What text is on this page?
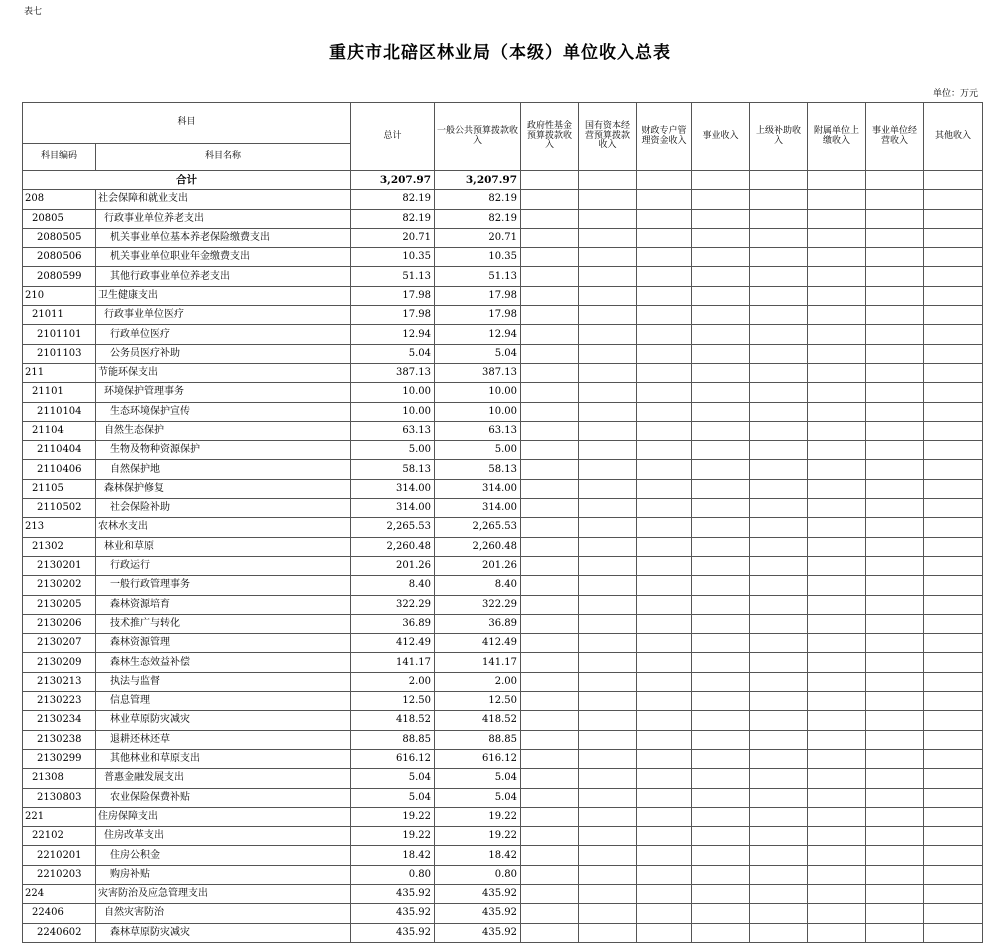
表七
重庆市北碚区林业局（本级）单位收入总表
单位：万元
科目		总计	一般公共预算拨款收入	政府性基金预算拨款收入	国有资本经营预算拨款收入	财政专户管理资金收入	事业收入	上级补助收入	附属单位上缴收入	事业单位经营收入	其他收入
科目编码	科目名称										
合计		3,207.97	3,207.97								
208	社会保障和就业支出	82.19	82.19								
20805	行政事业单位养老支出	82.19	82.19								
2080505	机关事业单位基本养老保险缴费支出	20.71	20.71								
2080506	机关事业单位职业年金缴费支出	10.35	10.35								
2080599	其他行政事业单位养老支出	51.13	51.13								
210	卫生健康支出	17.98	17.98								
21011	行政事业单位医疗	17.98	17.98								
2101101	行政单位医疗	12.94	12.94								
2101103	公务员医疗补助	5.04	5.04								
211	节能环保支出	387.13	387.13								
21101	环境保护管理事务	10.00	10.00								
2110104	生态环境保护宣传	10.00	10.00								
21104	自然生态保护	63.13	63.13								
2110404	生物及物种资源保护	5.00	5.00								
2110406	自然保护地	58.13	58.13								
21105	森林保护修复	314.00	314.00								
2110502	社会保险补助	314.00	314.00								
213	农林水支出	2,265.53	2,265.53								
21302	林业和草原	2,260.48	2,260.48								
2130201	行政运行	201.26	201.26								
2130202	一般行政管理事务	8.40	8.40								
2130205	森林资源培育	322.29	322.29								
2130206	技术推广与转化	36.89	36.89								
2130207	森林资源管理	412.49	412.49								
2130209	森林生态效益补偿	141.17	141.17								
2130213	执法与监督	2.00	2.00								
2130223	信息管理	12.50	12.50								
2130234	林业草原防灾减灾	418.52	418.52								
2130238	退耕还林还草	88.85	88.85								
2130299	其他林业和草原支出	616.12	616.12								
21308	普惠金融发展支出	5.04	5.04								
2130803	农业保险保费补贴	5.04	5.04								
221	住房保障支出	19.22	19.22								
22102	住房改革支出	19.22	19.22								
2210201	住房公积金	18.42	18.42								
2210203	购房补贴	0.80	0.80								
224	灾害防治及应急管理支出	435.92	435.92								
22406	自然灾害防治	435.92	435.92								
2240602	森林草原防灾减灾	435.92	435.92								
